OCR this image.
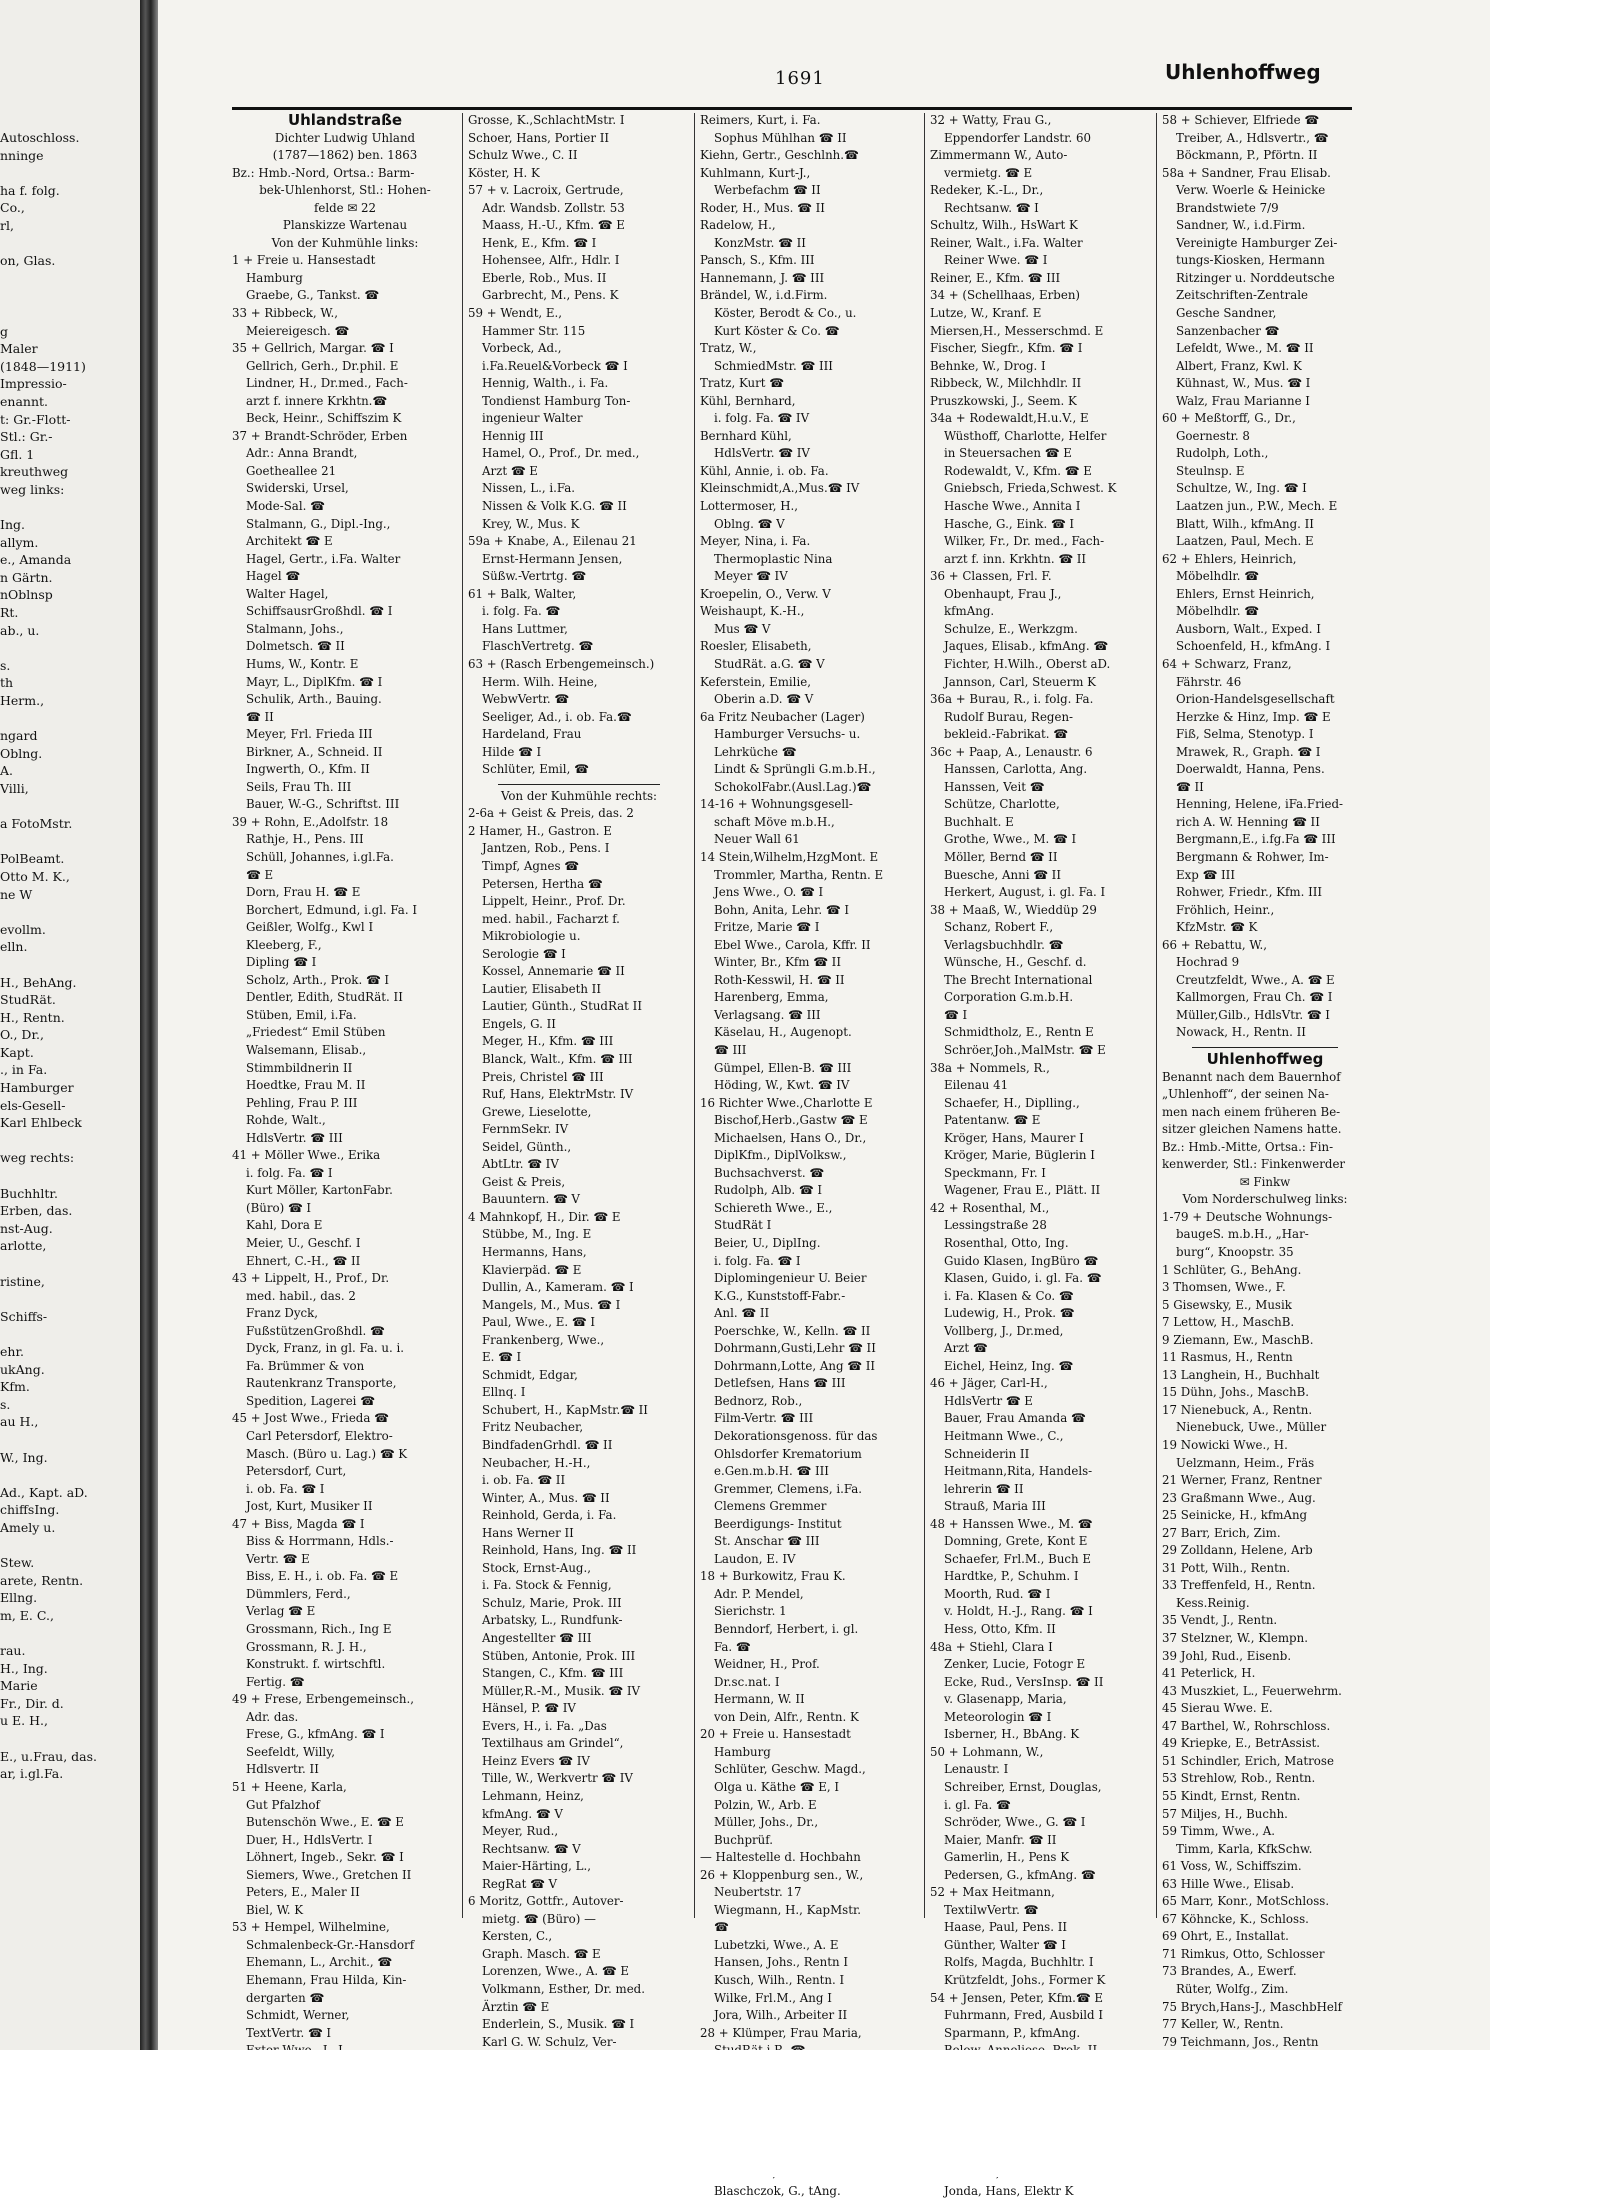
Autoschloss.
nninge
ha f. folg.
Co.,
rl,
on, Glas.
g
Maler
(1848—1911)
Impressio-
enannt.
t: Gr.-Flott-
Stl.: Gr.-
Gfl. 1
kreuthweg
weg links:
Ing.
allym.
e., Amanda
n Gärtn.
nOblnsp
Rt.
ab., u.
s.
th
Herm.,
ngard
Oblng.
A.
Villi,
a FotoMstr.
PolBeamt.
Otto M. K.,
ne W
evollm.
elln.
H., BehAng.
StudRät.
H., Rentn.
O., Dr.,
Kapt.
., in Fa.
Hamburger
els-Gesell-
Karl Ehlbeck
weg rechts:
Buchhltr.
Erben, das.
nst-Aug.
arlotte,
ristine,
Schiffs-
ehr.
ukAng.
Kfm.
s.
au H.,
W., Ing.
Ad., Kapt. aD.
chiffsIng.
Amely u.
Stew.
arete, Rentn.
Ellng.
m, E. C.,
rau.
H., Ing.
Marie
Fr., Dir. d.
u E. H.,
E., u.Frau, das.
ar, i.gl.Fa.
1691	Uhlenhoffweg
Uhlandstraße
Dichter Ludwig Uhland
(1787—1862) ben. 1863
Bz.: Hmb.-Nord, Ortsa.: Barm-
bek-Uhlenhorst, Stl.: Hohen-
felde ✉ 22
Planskizze Wartenau
Von der Kuhmühle links:
1 + Freie u. Hansestadt
Hamburg
Graebe, G., Tankst. ☎
33 + Ribbeck, W.,
Meiereigesch. ☎
35 + Gellrich, Margar. ☎ I
Gellrich, Gerh., Dr.phil. E
Lindner, H., Dr.med., Fach-
arzt f. innere Krkhtn.☎
Beck, Heinr., Schiffszim K
37 + Brandt-Schröder, Erben
Adr.: Anna Brandt,
Goetheallee 21
Swiderski, Ursel,
Mode-Sal. ☎
Stalmann, G., Dipl.-Ing.,
Architekt ☎ E
Hagel, Gertr., i.Fa. Walter
Hagel ☎
Walter Hagel,
SchiffsausrGroßhdl. ☎ I
Stalmann, Johs.,
Dolmetsch. ☎ II
Hums, W., Kontr. E
Mayr, L., DiplKfm. ☎ I
Schulik, Arth., Bauing.
☎ II
Meyer, Frl. Frieda III
Birkner, A., Schneid. II
Ingwerth, O., Kfm. II
Seils, Frau Th. III
Bauer, W.-G., Schriftst. III
39 + Rohn, E.,Adolfstr. 18
Rathje, H., Pens. III
Schüll, Johannes, i.gl.Fa.
☎ E
Dorn, Frau H. ☎ E
Borchert, Edmund, i.gl. Fa. I
Geißler, Wolfg., Kwl I
Kleeberg, F.,
Dipling ☎ I
Scholz, Arth., Prok. ☎ I
Dentler, Edith, StudRät. II
Stüben, Emil, i.Fa.
„Friedest“ Emil Stüben
Walsemann, Elisab.,
Stimmbildnerin II
Hoedtke, Frau M. II
Pehling, Frau P. III
Rohde, Walt.,
HdlsVertr. ☎ III
41 + Möller Wwe., Erika
i. folg. Fa. ☎ I
Kurt Möller, KartonFabr.
(Büro) ☎ I
Kahl, Dora E
Meier, U., Geschf. I
Ehnert, C.-H., ☎ II
43 + Lippelt, H., Prof., Dr.
med. habil., das. 2
Franz Dyck,
FußstützenGroßhdl. ☎
Dyck, Franz, in gl. Fa. u. i.
Fa. Brümmer & von
Rautenkranz Transporte,
Spedition, Lagerei ☎
45 + Jost Wwe., Frieda ☎
Carl Petersdorf, Elektro-
Masch. (Büro u. Lag.) ☎ K
Petersdorf, Curt,
i. ob. Fa. ☎ I
Jost, Kurt, Musiker II
47 + Biss, Magda ☎ I
Biss & Horrmann, Hdls.-
Vertr. ☎ E
Biss, E. H., i. ob. Fa. ☎ E
Dümmlers, Ferd.,
Verlag ☎ E
Grossmann, Rich., Ing E
Grossmann, R. J. H.,
Konstrukt. f. wirtschftl.
Fertig. ☎
49 + Frese, Erbengemeinsch.,
Adr. das.
Frese, G., kfmAng. ☎ I
Seefeldt, Willy,
Hdlsvertr. II
51 + Heene, Karla,
Gut Pfalzhof
Butenschön Wwe., E. ☎ E
Duer, H., HdlsVertr. I
Löhnert, Ingeb., Sekr. ☎ I
Siemers, Wwe., Gretchen II
Peters, E., Maler II
Biel, W. K
53 + Hempel, Wilhelmine,
Schmalenbeck-Gr.-Hansdorf
Ehemann, L., Archit., ☎
Ehemann, Frau Hilda, Kin-
dergarten ☎
Schmidt, Werner,
TextVertr. ☎ I
Grosse, K.,SchlachtMstr. I
Schoer, Hans, Portier II
Schulz Wwe., C. II
Köster, H. K
57 + v. Lacroix, Gertrude,
Adr. Wandsb. Zollstr. 53
Maass, H.-U., Kfm. ☎ E
Henk, E., Kfm. ☎ I
Hohensee, Alfr., Hdlr. I
Eberle, Rob., Mus. II
Garbrecht, M., Pens. K
59 + Wendt, E.,
Hammer Str. 115
Vorbeck, Ad.,
i.Fa.Reuel&Vorbeck ☎ I
Hennig, Walth., i. Fa.
Tondienst Hamburg Ton-
ingenieur Walter
Hennig III
Hamel, O., Prof., Dr. med.,
Arzt ☎ E
Nissen, L., i.Fa.
Nissen & Volk K.G. ☎ II
Krey, W., Mus. K
59a + Knabe, A., Eilenau 21
Ernst-Hermann Jensen,
Süßw.-Vertrtg. ☎
61 + Balk, Walter,
i. folg. Fa. ☎
Hans Luttmer,
FlaschVertretg. ☎
63 + (Rasch Erbengemeinsch.)
Herm. Wilh. Heine,
WebwVertr. ☎
Seeliger, Ad., i. ob. Fa.☎
Hardeland, Frau
Hilde ☎ I
Schlüter, Emil, ☎
Von der Kuhmühle rechts:
2-6a + Geist & Preis, das. 2
2 Hamer, H., Gastron. E
Jantzen, Rob., Pens. I
Timpf, Agnes ☎
Petersen, Hertha ☎
Lippelt, Heinr., Prof. Dr.
med. habil., Facharzt f.
Mikrobiologie u.
Serologie ☎ I
Kossel, Annemarie ☎ II
Lautier, Elisabeth II
Lautier, Günth., StudRat II
Engels, G. II
Meger, H., Kfm. ☎ III
Blanck, Walt., Kfm. ☎ III
Preis, Christel ☎ III
Ruf, Hans, ElektrMstr. IV
Grewe, Lieselotte,
FernmSekr. IV
Seidel, Günth.,
AbtLtr. ☎ IV
Geist & Preis,
Bauuntern. ☎ V
4 Mahnkopf, H., Dir. ☎ E
Stübbe, M., Ing. E
Hermanns, Hans,
Klavierpäd. ☎ E
Dullin, A., Kameram. ☎ I
Mangels, M., Mus. ☎ I
Paul, Wwe., E. ☎ I
Frankenberg, Wwe.,
E. ☎ I
Schmidt, Edgar,
Ellnq. I
Schubert, H., KapMstr.☎ II
Fritz Neubacher,
BindfadenGrhdl. ☎ II
Neubacher, H.-H.,
i. ob. Fa. ☎ II
Winter, A., Mus. ☎ II
Reinhold, Gerda, i. Fa.
Hans Werner II
Reinhold, Hans, Ing. ☎ II
Stock, Ernst-Aug.,
i. Fa. Stock & Fennig,
Schulz, Marie, Prok. III
Arbatsky, L., Rundfunk-
Angestellter ☎ III
Stüben, Antonie, Prok. III
Stangen, C., Kfm. ☎ III
Müller,R.-M., Musik. ☎ IV
Hänsel, P. ☎ IV
Evers, H., i. Fa. „Das
Textilhaus am Grindel“,
Heinz Evers ☎ IV
Tille, W., Werkvertr ☎ IV
Lehmann, Heinz,
kfmAng. ☎ V
Meyer, Rud.,
Rechtsanw. ☎ V
Maier-Härting, L.,
RegRat ☎ V
6 Moritz, Gottfr., Autover-
mietg. ☎ (Büro) —
Kersten, C.,
Graph. Masch. ☎ E
Lorenzen, Wwe., A. ☎ E
Volkmann, Esther, Dr. med.
Ärztin ☎ E
Enderlein, S., Musik. ☎ I
Karl G. W. Schulz, Ver-
Reimers, Kurt, i. Fa.
Sophus Mühlhan ☎ II
Kiehn, Gertr., Geschlnh.☎
Kuhlmann, Kurt-J.,
Werbefachm ☎ II
Roder, H., Mus. ☎ II
Radelow, H.,
KonzMstr. ☎ II
Pansch, S., Kfm. III
Hannemann, J. ☎ III
Brändel, W., i.d.Firm.
Köster, Berodt & Co., u.
Kurt Köster & Co. ☎
Tratz, W.,
SchmiedMstr. ☎ III
Tratz, Kurt ☎
Kühl, Bernhard,
i. folg. Fa. ☎ IV
Bernhard Kühl,
HdlsVertr. ☎ IV
Kühl, Annie, i. ob. Fa.
Kleinschmidt,A.,Mus.☎ IV
Lottermoser, H.,
Oblng. ☎ V
Meyer, Nina, i. Fa.
Thermoplastic Nina
Meyer ☎ IV
Kroepelin, O., Verw. V
Weishaupt, K.-H.,
Mus ☎ V
Roesler, Elisabeth,
StudRät. a.G. ☎ V
Keferstein, Emilie,
Oberin a.D. ☎ V
6a Fritz Neubacher (Lager)
Hamburger Versuchs- u.
Lehrküche ☎
Lindt & Sprüngli G.m.b.H.,
SchokolFabr.(Ausl.Lag.)☎
14-16 + Wohnungsgesell-
schaft Möve m.b.H.,
Neuer Wall 61
14 Stein,Wilhelm,HzgMont. E
Trommler, Martha, Rentn. E
Jens Wwe., O. ☎ I
Bohn, Anita, Lehr. ☎ I
Fritze, Marie ☎ I
Ebel Wwe., Carola, Kffr. II
Winter, Br., Kfm ☎ II
Roth-Kesswil, H. ☎ II
Harenberg, Emma,
Verlagsang. ☎ III
Käselau, H., Augenopt.
☎ III
Gümpel, Ellen-B. ☎ III
Höding, W., Kwt. ☎ IV
16 Richter Wwe.,Charlotte E
Bischof,Herb.,Gastw ☎ E
Michaelsen, Hans O., Dr.,
DiplKfm., DiplVolksw.,
Buchsachverst. ☎
Rudolph, Alb. ☎ I
Schiereth Wwe., E.,
StudRät I
Beier, U., DiplIng.
i. folg. Fa. ☎ I
Diplomingenieur U. Beier
K.G., Kunststoff-Fabr.-
Anl. ☎ II
Poerschke, W., Kelln. ☎ II
Dohrmann,Gusti,Lehr ☎ II
Dohrmann,Lotte, Ang ☎ II
Detlefsen, Hans ☎ III
Bednorz, Rob.,
Film-Vertr. ☎ III
Dekorationsgenoss. für das
Ohlsdorfer Krematorium
e.Gen.m.b.H. ☎ III
Gremmer, Clemens, i.Fa.
Clemens Gremmer
Beerdigungs- Institut
St. Anschar ☎ III
Laudon, E. IV
18 + Burkowitz, Frau K.
Adr. P. Mendel,
Sierichstr. 1
Benndorf, Herbert, i. gl.
Fa. ☎
Weidner, H., Prof.
Dr.sc.nat. I
Hermann, W. II
von Dein, Alfr., Rentn. K
20 + Freie u. Hansestadt
Hamburg
Schlüter, Geschw. Magd.,
Olga u. Käthe ☎ E, I
Polzin, W., Arb. E
Müller, Johs., Dr.,
Buchprüf.
— Haltestelle d. Hochbahn
26 + Kloppenburg sen., W.,
Neubertstr. 17
Wiegmann, H., KapMstr.
☎
Lubetzki, Wwe., A. E
Hansen, Johs., Rentn I
Kusch, Wilh., Rentn. I
Wilke, Frl.M., Ang I
Jora, Wilh., Arbeiter II
28 + Klümper, Frau Maria,
Blaschczok, G., tAng.
32 + Watty, Frau G.,
Eppendorfer Landstr. 60
Zimmermann W., Auto-
vermietg. ☎ E
Redeker, K.-L., Dr.,
Rechtsanw. ☎ I
Schultz, Wilh., HsWart K
Reiner, Walt., i.Fa. Walter
Reiner Wwe. ☎ I
Reiner, E., Kfm. ☎ III
34 + (Schellhaas, Erben)
Lutze, W., Kranf. E
Miersen,H., Messerschmd. E
Fischer, Siegfr., Kfm. ☎ I
Behnke, W., Drog. I
Ribbeck, W., Milchhdlr. II
Pruszkowski, J., Seem. K
34a + Rodewaldt,H.u.V., E
Wüsthoff, Charlotte, Helfer
in Steuersachen ☎ E
Rodewaldt, V., Kfm. ☎ E
Gniebsch, Frieda,Schwest. K
Hasche Wwe., Annita I
Hasche, G., Eink. ☎ I
Wilker, Fr., Dr. med., Fach-
arzt f. inn. Krkhtn. ☎ II
36 + Classen, Frl. F.
Obenhaupt, Frau J.,
kfmAng.
Schulze, E., Werkzgm.
Jaques, Elisab., kfmAng. ☎
Fichter, H.Wilh., Oberst aD.
Jannson, Carl, Steuerm K
36a + Burau, R., i. folg. Fa.
Rudolf Burau, Regen-
bekleid.-Fabrikat. ☎
36c + Paap, A., Lenaustr. 6
Hanssen, Carlotta, Ang.
Hanssen, Veit ☎
Schütze, Charlotte,
Buchhalt. E
Grothe, Wwe., M. ☎ I
Möller, Bernd ☎ II
Buesche, Anni ☎ II
Herkert, August, i. gl. Fa. I
38 + Maaß, W., Wieddüp 29
Schanz, Robert F.,
Verlagsbuchhdlr. ☎
Wünsche, H., Geschf. d.
The Brecht International
Corporation G.m.b.H.
☎ I
Schmidtholz, E., Rentn E
Schröer,Joh.,MalMstr. ☎ E
38a + Nommels, R.,
Eilenau 41
Schaefer, H., Diplling.,
Patentanw. ☎ E
Kröger, Hans, Maurer I
Kröger, Marie, Büglerin I
Speckmann, Fr. I
Wagener, Frau E., Plätt. II
42 + Rosenthal, M.,
Lessingstraße 28
Rosenthal, Otto, Ing.
Guido Klasen, IngBüro ☎
Klasen, Guido, i. gl. Fa. ☎
i. Fa. Klasen & Co. ☎
Ludewig, H., Prok. ☎
Vollberg, J., Dr.med,
Arzt ☎
Eichel, Heinz, Ing. ☎
46 + Jäger, Carl-H.,
HdlsVertr ☎ E
Bauer, Frau Amanda ☎
Heitmann Wwe., C.,
Schneiderin II
Heitmann,Rita, Handels-
lehrerin ☎ II
Strauß, Maria III
48 + Hanssen Wwe., M. ☎
Domning, Grete, Kont E
Schaefer, Frl.M., Buch E
Hardtke, P., Schuhm. I
Moorth, Rud. ☎ I
v. Holdt, H.-J., Rang. ☎ I
Hess, Otto, Kfm. II
48a + Stiehl, Clara I
Zenker, Lucie, Fotogr E
Ecke, Rud., VersInsp. ☎ II
v. Glasenapp, Maria,
Meteorologin ☎ I
Isberner, H., BbAng. K
50 + Lohmann, W.,
Lenaustr. I
Schreiber, Ernst, Douglas,
i. gl. Fa. ☎
Schröder, Wwe., G. ☎ I
Maier, Manfr. ☎ II
Gamerlin, H., Pens K
Pedersen, G., kfmAng. ☎
52 + Max Heitmann,
TextilwVertr. ☎
Haase, Paul, Pens. II
Günther, Walter ☎ I
Rolfs, Magda, Buchhltr. I
Krützfeldt, Johs., Former K
54 + Jensen, Peter, Kfm.☎ E
Fuhrmann, Fred, Ausbild I
Sparmann, P., kfmAng.
Jonda, Hans, Elektr K
58 + Schiever, Elfriede ☎
Treiber, A., Hdlsvertr., ☎
Böckmann, P., Pförtn. II
58a + Sandner, Frau Elisab.
Verw. Woerle & Heinicke
Brandstwiete 7/9
Sandner, W., i.d.Firm.
Vereinigte Hamburger Zei-
tungs-Kiosken, Hermann
Ritzinger u. Norddeutsche
Zeitschriften-Zentrale
Gesche Sandner,
Sanzenbacher ☎
Lefeldt, Wwe., M. ☎ II
Albert, Franz, Kwl. K
Kühnast, W., Mus. ☎ I
Walz, Frau Marianne I
60 + Meßtorff, G., Dr.,
Goernestr. 8
Rudolph, Loth.,
Steulnsp. E
Schultze, W., Ing. ☎ I
Laatzen jun., P.W., Mech. E
Blatt, Wilh., kfmAng. II
Laatzen, Paul, Mech. E
62 + Ehlers, Heinrich,
Möbelhdlr. ☎
Ehlers, Ernst Heinrich,
Möbelhdlr. ☎
Ausborn, Walt., Exped. I
Schoenfeld, H., kfmAng. I
64 + Schwarz, Franz,
Fährstr. 46
Orion-Handelsgesellschaft
Herzke & Hinz, Imp. ☎ E
Fiß, Selma, Stenotyp. I
Mrawek, R., Graph. ☎ I
Doerwaldt, Hanna, Pens.
☎ II
Henning, Helene, iFa.Fried-
rich A. W. Henning ☎ II
Bergmann,E., i.fg.Fa ☎ III
Bergmann & Rohwer, Im-
Exp ☎ III
Rohwer, Friedr., Kfm. III
Fröhlich, Heinr.,
KfzMstr. ☎ K
66 + Rebattu, W.,
Hochrad 9
Creutzfeldt, Wwe., A. ☎ E
Kallmorgen, Frau Ch. ☎ I
Müller,Gilb., HdlsVtr. ☎ I
Nowack, H., Rentn. II
Uhlenhoffweg
Benannt nach dem Bauernhof
„Uhlenhoff“, der seinen Na-
men nach einem früheren Be-
sitzer gleichen Namens hatte.
Bz.: Hmb.-Mitte, Ortsa.: Fin-
kenwerder, Stl.: Finkenwerder
✉ Finkw
Vom Norderschulweg links:
1-79 + Deutsche Wohnungs-
baugeS. m.b.H., „Har-
burg“, Knoopstr. 35
1 Schlüter, G., BehAng.
3 Thomsen, Wwe., F.
5 Gisewsky, E., Musik
7 Lettow, H., MaschB.
9 Ziemann, Ew., MaschB.
11 Rasmus, H., Rentn
13 Langhein, H., Buchhalt
15 Dühn, Johs., MaschB.
17 Nienebuck, A., Rentn.
Nienebuck, Uwe., Müller
19 Nowicki Wwe., H.
Uelzmann, Heim., Fräs
21 Werner, Franz, Rentner
23 Graßmann Wwe., Aug.
25 Seinicke, H., kfmAng
27 Barr, Erich, Zim.
29 Zolldann, Helene, Arb
31 Pott, Wilh., Rentn.
33 Treffenfeld, H., Rentn.
Kess.Reinig.
35 Vendt, J., Rentn.
37 Stelzner, W., Klempn.
39 Johl, Rud., Eisenb.
41 Peterlick, H.
43 Muszkiet, L., Feuerwehrm.
45 Sierau Wwe. E.
47 Barthel, W., Rohrschloss.
49 Kriepke, E., BetrAssist.
51 Schindler, Erich, Matrose
53 Strehlow, Rob., Rentn.
55 Kindt, Ernst, Rentn.
57 Miljes, H., Buchh.
59 Timm, Wwe., A.
Timm, Karla, KfkSchw.
61 Voss, W., Schiffszim.
63 Hille Wwe., Elisab.
65 Marr, Konr., MotSchloss.
67 Köhncke, K., Schloss.
69 Ohrt, E., Installat.
71 Rimkus, Otto, Schlosser
73 Brandes, A., Ewerf.
Rüter, Wolfg., Zim.
75 Brych,Hans-J., MaschbHelf
77 Keller, W., Rentn.
79 Teichmann, Jos., Rentn
